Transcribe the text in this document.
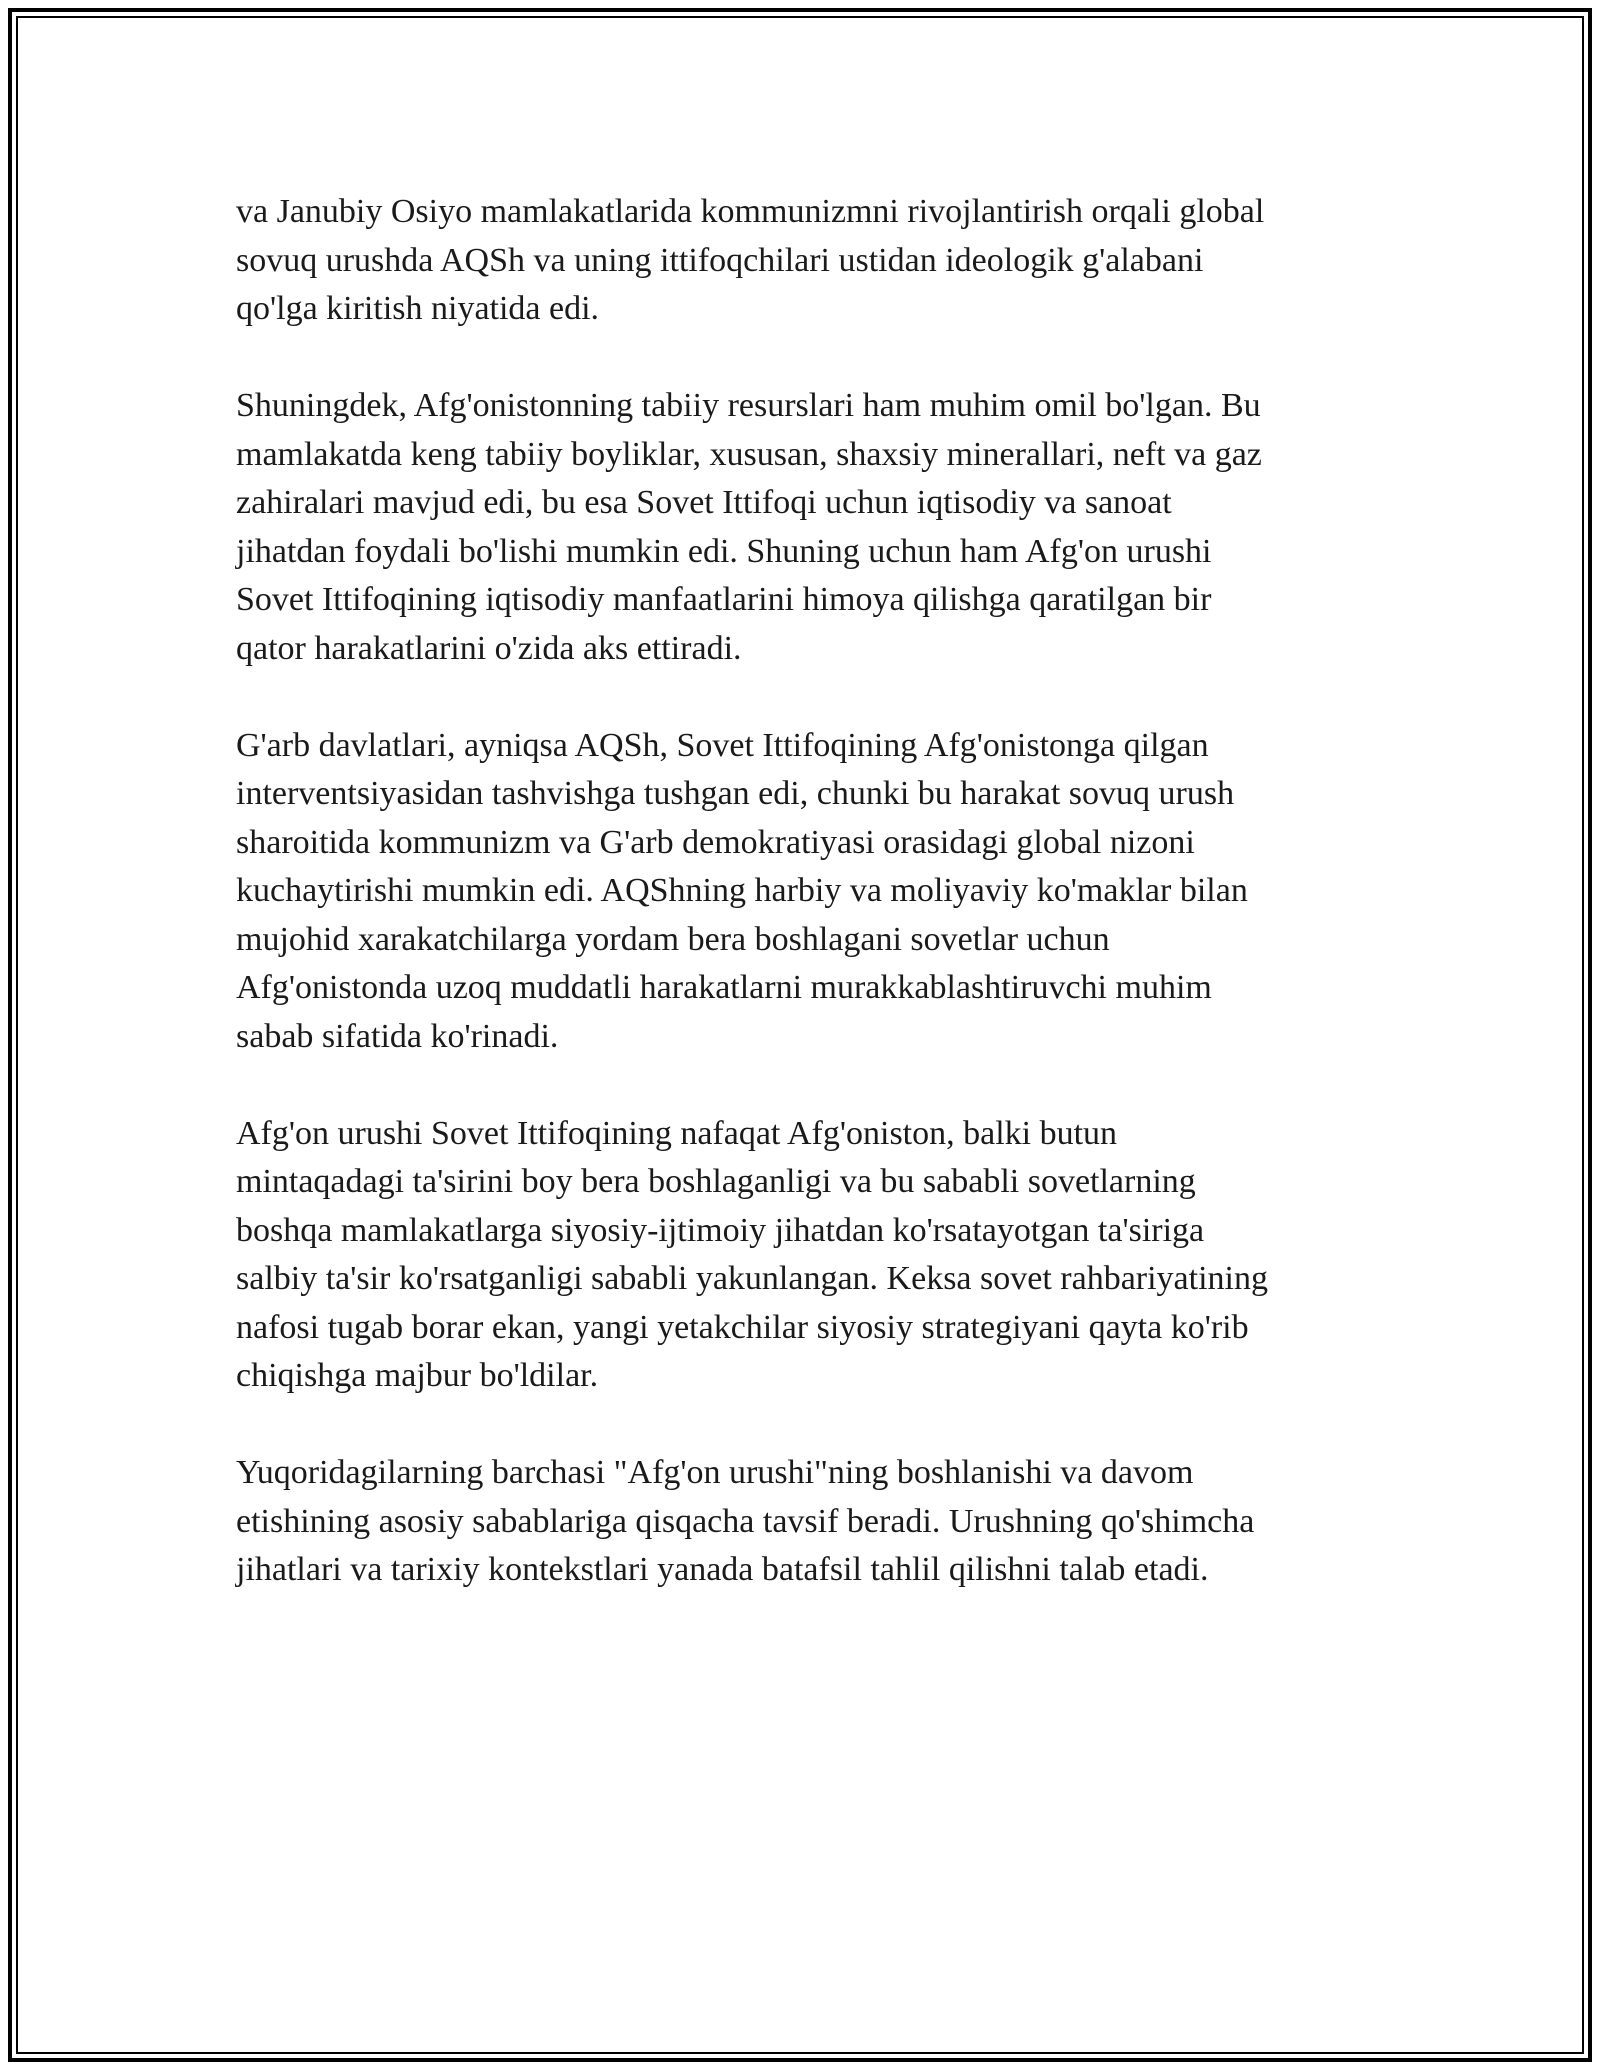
va Janubiy Osiyo mamlakatlarida kommunizmni rivojlantirish orqali global
sovuq urushda AQSh va uning ittifoqchilari ustidan ideologik g'alabani
qo'lga kiritish niyatida edi.

Shuningdek, Afg'onistonning tabiiy resurslari ham muhim omil bo'lgan. Bu
mamlakatda keng tabiiy boyliklar, xususan, shaxsiy minerallari, neft va gaz
zahiralari mavjud edi, bu esa Sovet Ittifoqi uchun iqtisodiy va sanoat
jihatdan foydali bo'lishi mumkin edi. Shuning uchun ham Afg'on urushi
Sovet Ittifoqining iqtisodiy manfaatlarini himoya qilishga qaratilgan bir
qator harakatlarini o'zida aks ettiradi.

G'arb davlatlari, ayniqsa AQSh, Sovet Ittifoqining Afg'onistonga qilgan
interventsiyasidan tashvishga tushgan edi, chunki bu harakat sovuq urush
sharoitida kommunizm va G'arb demokratiyasi orasidagi global nizoni
kuchaytirishi mumkin edi. AQShning harbiy va moliyaviy ko'maklar bilan
mujohid xarakatchilarga yordam bera boshlagani sovetlar uchun
Afg'onistonda uzoq muddatli harakatlarni murakkablashtiruvchi muhim
sabab sifatida ko'rinadi.

Afg'on urushi Sovet Ittifoqining nafaqat Afg'oniston, balki butun
mintaqadagi ta'sirini boy bera boshlaganligi va bu sababli sovetlarning
boshqa mamlakatlarga siyosiy-ijtimoiy jihatdan ko'rsatayotgan ta'siriga
salbiy ta'sir ko'rsatganligi sababli yakunlangan. Keksa sovet rahbariyatining
nafosi tugab borar ekan, yangi yetakchilar siyosiy strategiyani qayta ko'rib
chiqishga majbur bo'ldilar.

Yuqoridagilarning barchasi "Afg'on urushi"ning boshlanishi va davom
etishining asosiy sabablariga qisqacha tavsif beradi. Urushning qo'shimcha
jihatlari va tarixiy kontekstlari yanada batafsil tahlil qilishni talab etadi.
